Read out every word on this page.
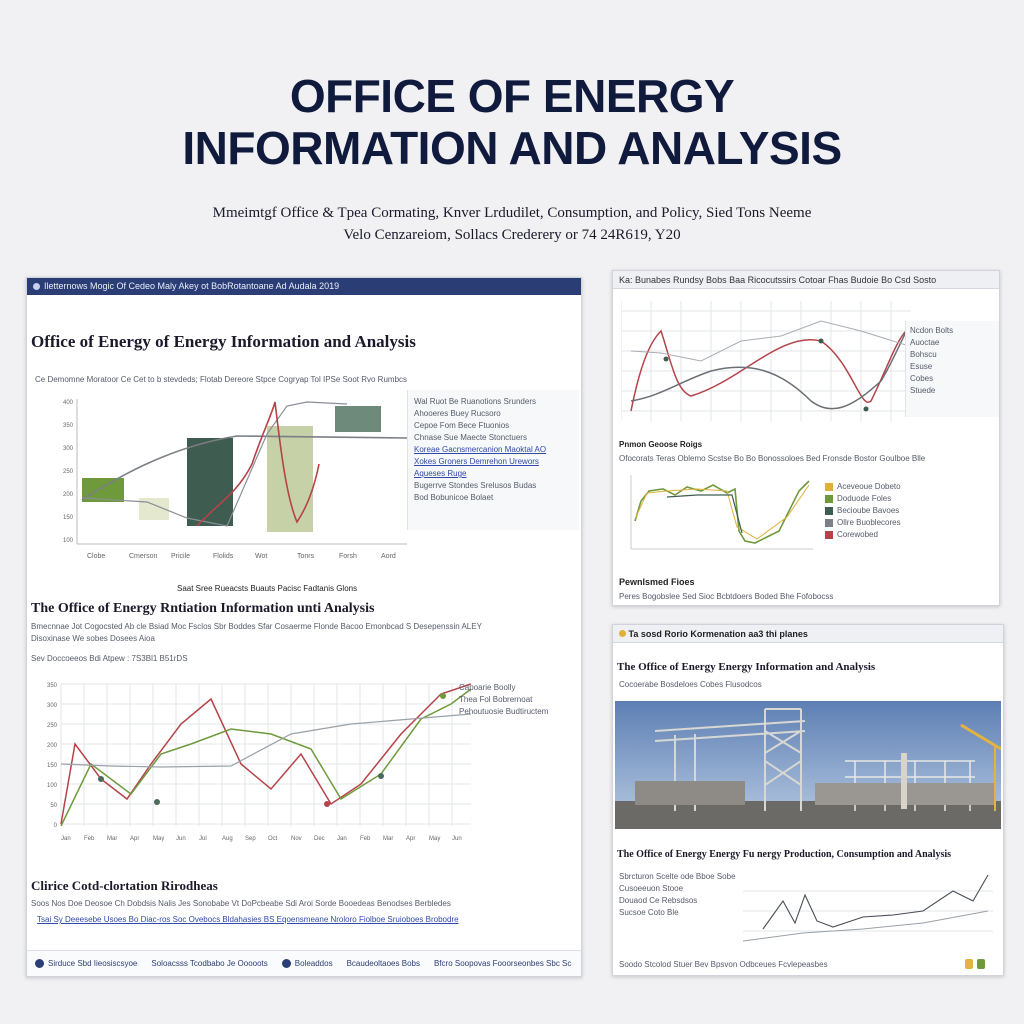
OFFICE OF ENERGY
INFORMATION AND ANALYSIS
Mmeimtgf Office & Tpea Cormating, Knver Lrdudilet, Consumption, and Policy, Sied Tons Neeme
Velo Cenzareiom, Sollacs Crederery or 74 24R619, Y20
Iletternows Mogic Of Cedeo Maly Akey ot BobRotantoane Ad Audala 2019
Office of Energy of Energy Information and Analysis
Ce Demomne Moratoor Ce Cet to b stevdeds; Flotab Dereore Stpce Cogryap Tol IPSe Soot Rvo Rumbcs
400
350
300
250
200
150
100
Clobe	Cmerson Pricile	Flolids	Wot	Tonrs	Forsh	Aord
Wal Ruot Be Ruanotions Srunders
Ahooeres Buey Rucsoro
Cepoe Fom Bece Ftuonios
Chnase Sue Maecte Stonctuers
Koreae Gacnsmercanion Maoktal AO
Xokes Groners Demrehon Urewors
Aqueses Ruge
Bugerrve Stondes Srelusos Budas
Bod Bobunicoe Bolaet
Saat Sree Rueacsts Buauts Pacisc Fadtanis Glons
The Office of Energy Rntiation Information unti Analysis
Bmecnnae Jot Cogocsted Ab cle Bsiad Moc Fsclos Sbr Boddes Sfar Cosaerme Flonde Bacoo Emonbcad S Desepenssin ALEY
Disoxinase We sobes Dosees Aioa
Sev Doccoeeos Bdi Atpew : 7S3Bl1 B51rDS
350
300
250
200
150
100
50
0
Jan Feb Mar Apr May Jun Jul	Aug Sep Oct Nov Dec Jan Feb Mar Apr May Jun
Capoarie Boolly
Thea Fol Bobrernoat
Pehoutuosie Budtiructem
Clirice Cotd-clortation Rirodheas
Soos Nos Doe Deosoe Ch Dobdsis Nalis Jes Sonobabe Vt DoPcbeabe Sdi Aroi Sorde Booedeas Benodses Berbledes
Tsai Sy Deeesebe Usoes Bo Diac-ros Soc Ovebocs Bldahasies BS Eqoensmeane Nroloro Fiolboe Sruioboes Brobodre
Sirduce Sbd Iieosiscsyoe Soloacsss Tcodbabo Je Ooooots	Boleaddos Bcaudeoltaoes Bobs Bfcro Soopovas Fooorseonbes Sbc Sc
Ka: Bunabes Rundsy Bobs Baa Ricocutssirs Cotoar Fhas Budoie Bo Csd Sosto
Ncdon Bolts
Auoctae
Bohscu
Esuse
Cobes
Stuede
Pnmon Geoose Roigs
Ofocorats Teras Oblemo Scstse Bo Bo Bonossoloes Bed Fronsde Bostor Goulboe Blle
Aceveoue Dobeto
Doduode Foles
Becioube Bavoes
Ollre Buoblecores
Corewobed
Pewnlsmed Fioes
Peres Bogobslee Sed Sioc Bcbtdoers Boded Bhe Fofobocss
Ta sosd Rorio Kormenation aa3 thi planes
The Office of Energy Energy Information and Analysis
Cocoerabe Bosdeloes Cobes Flusodcos
The Office of Energy Energy Fu nergy Production, Consumption and Analysis
Sbrcturon Scelte ode Bboe Sobe
Cusoeeuon Stooe
Douaod Ce Rebsdsos
Sucsoe Coto Ble
Soodo Stcolod Stuer Bev Bpsvon Odbceues Fcvlepeasbes
